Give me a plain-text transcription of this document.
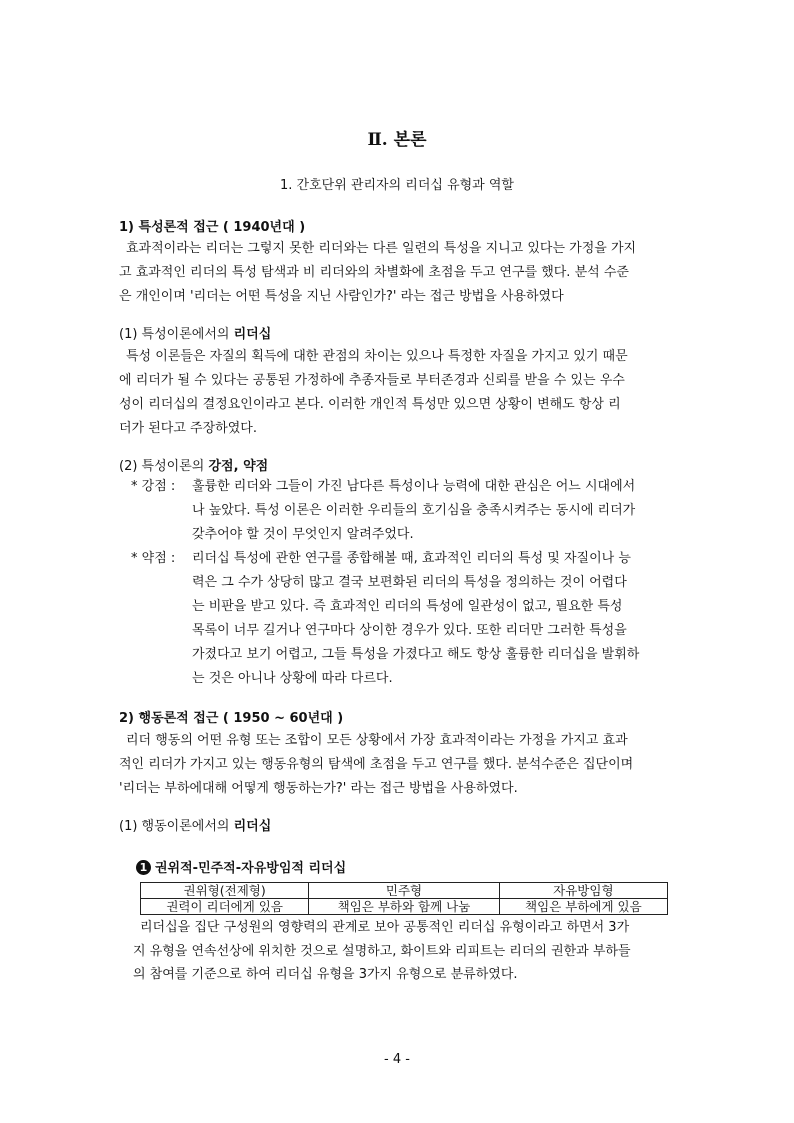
Ⅱ. 본론
1. 간호단위 관리자의 리더십 유형과 역할
1) 특성론적 접근 ( 1940년대 )
효과적이라는 리더는 그렇지 못한 리더와는 다른 일련의 특성을 지니고 있다는 가정을 가지
고 효과적인 리더의 특성 탐색과 비 리더와의 차별화에 초점을 두고 연구를 했다. 분석 수준
은 개인이며 '리더는 어떤 특성을 지닌 사람인가?' 라는 접근 방법을 사용하였다
(1) 특성이론에서의 리더십
특성 이론들은 자질의 획득에 대한 관점의 차이는 있으나 특정한 자질을 가지고 있기 때문
에 리더가 될 수 있다는 공통된 가정하에 추종자들로 부터존경과 신뢰를 받을 수 있는 우수
성이 리더십의 결정요인이라고 본다. 이러한 개인적 특성만 있으면 상황이 변해도 항상 리
더가 된다고 주장하였다.
(2) 특성이론의 강점, 약점
* 강점 : 훌륭한 리더와 그들이 가진 남다른 특성이나 능력에 대한 관심은 어느 시대에서
나 높았다. 특성 이론은 이러한 우리들의 호기심을 충족시켜주는 동시에 리더가
갖추어야 할 것이 무엇인지 알려주었다.
* 약점 : 리더십 특성에 관한 연구를 종합해볼 때, 효과적인 리더의 특성 및 자질이나 능
력은 그 수가 상당히 많고 결국 보편화된 리더의 특성을 정의하는 것이 어렵다
는 비판을 받고 있다. 즉 효과적인 리더의 특성에 일관성이 없고, 필요한 특성
목록이 너무 길거나 연구마다 상이한 경우가 있다. 또한 리더만 그러한 특성을
가졌다고 보기 어렵고, 그들 특성을 가졌다고 해도 항상 훌륭한 리더십을 발휘하
는 것은 아니나 상황에 따라 다르다.
2) 행동론적 접근 ( 1950 ~ 60년대 )
리더 행동의 어떤 유형 또는 조합이 모든 상황에서 가장 효과적이라는 가정을 가지고 효과
적인 리더가 가지고 있는 행동유형의 탐색에 초점을 두고 연구를 했다. 분석수준은 집단이며
'리더는 부하에대해 어떻게 행동하는가?' 라는 접근 방법을 사용하였다.
(1) 행동이론에서의 리더십
1 권위적-민주적-자유방임적 리더십
권위형(전제형)	민주형	자유방임형
권력이 리더에게 있음	책임은 부하와 함께 나눔	책임은 부하에게 있음
리더십을 집단 구성원의 영향력의 관계로 보아 공통적인 리더십 유형이라고 하면서 3가
지 유형을 연속선상에 위치한 것으로 설명하고, 화이트와 리피트는 리더의 권한과 부하들
의 참여를 기준으로 하여 리더십 유형을 3가지 유형으로 분류하였다.
- 4 -
